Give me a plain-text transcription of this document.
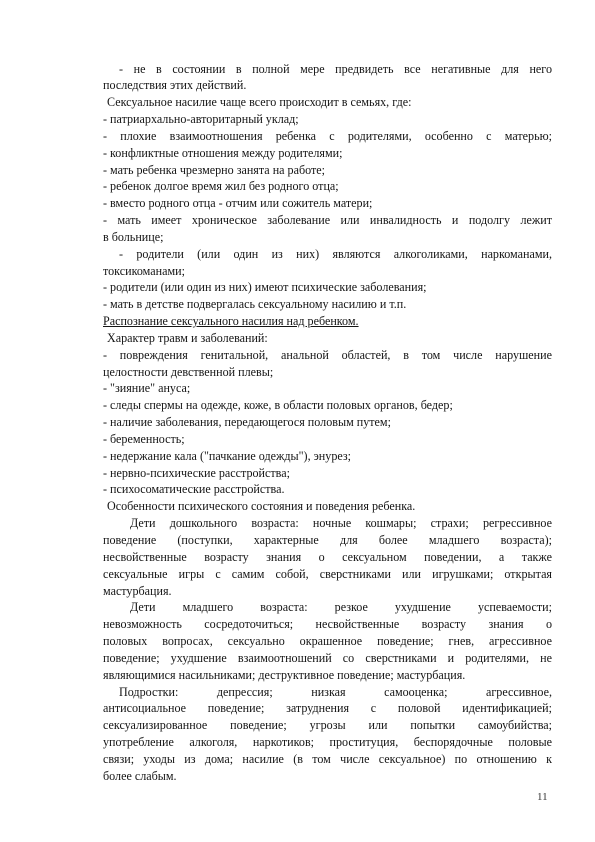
- не в состоянии в полной мере предвидеть все негативные для него
последствия этих действий.
Сексуальное насилие чаще всего происходит в семьях, где:
- патриархально-авторитарный уклад;
- плохие взаимоотношения ребенка с родителями, особенно с матерью;
- конфликтные отношения между родителями;
- мать ребенка чрезмерно занята на работе;
- ребенок долгое время жил без родного отца;
- вместо родного отца - отчим или сожитель матери;
- мать имеет хроническое заболевание или инвалидность и подолгу лежит
в больнице;
- родители (или один из них) являются алкоголиками, наркоманами,
токсикоманами;
- родители (или один из них) имеют психические заболевания;
- мать в детстве подвергалась сексуальному насилию и т.п.
Распознание сексуального насилия над ребенком.
Характер травм и заболеваний:
- повреждения генитальной, анальной областей, в том числе нарушение
целостности девственной плевы;
- "зияние" ануса;
- следы спермы на одежде, коже, в области половых органов, бедер;
- наличие заболевания, передающегося половым путем;
- беременность;
- недержание кала ("пачкание одежды"), энурез;
- нервно-психические расстройства;
- психосоматические расстройства.
Особенности психического состояния и поведения ребенка.
Дети дошкольного возраста: ночные кошмары; страхи; регрессивное
поведение (поступки, характерные для более младшего возраста);
несвойственные возрасту знания о сексуальном поведении, а также
сексуальные игры с самим собой, сверстниками или игрушками; открытая
мастурбация.
Дети младшего возраста: резкое ухудшение успеваемости;
невозможность сосредоточиться; несвойственные возрасту знания о
половых вопросах, сексуально окрашенное поведение; гнев, агрессивное
поведение; ухудшение взаимоотношений со сверстниками и родителями, не
являющимися насильниками; деструктивное поведение; мастурбация.
Подростки: депрессия; низкая самооценка; агрессивное,
антисоциальное поведение; затруднения с половой идентификацией;
сексуализированное поведение; угрозы или попытки самоубийства;
употребление алкоголя, наркотиков; проституция, беспорядочные половые
связи; уходы из дома; насилие (в том числе сексуальное) по отношению к
более слабым.
11
